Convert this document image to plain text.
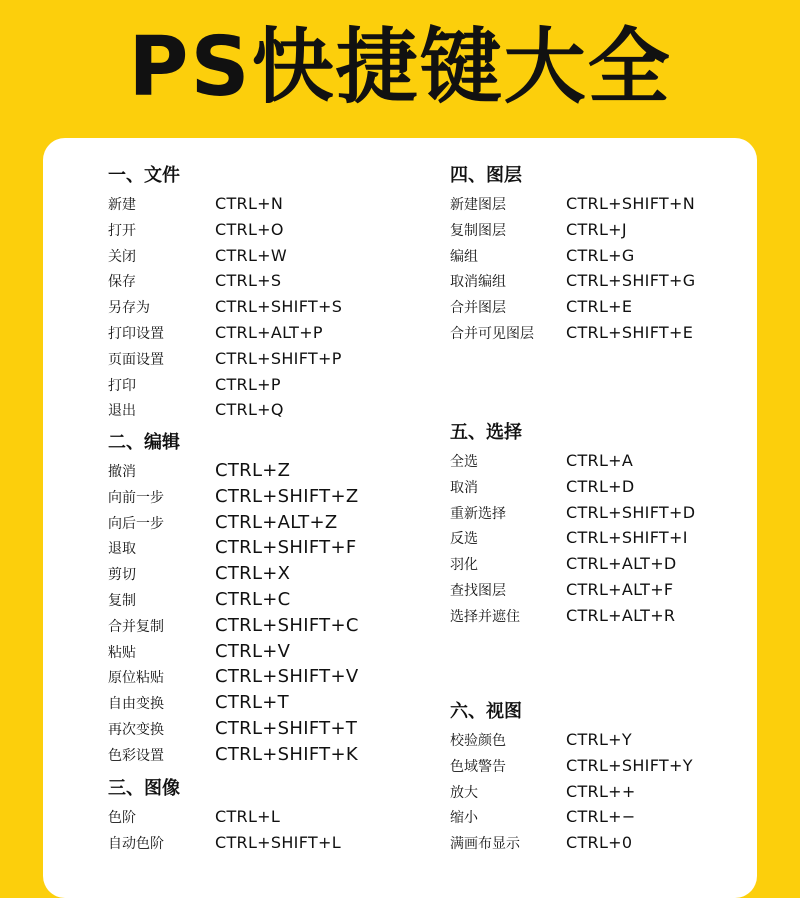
PS快捷键大全
一、文件
新建	CTRL+N
打开	CTRL+O
关闭	CTRL+W
保存	CTRL+S
另存为	CTRL+SHIFT+S
打印设置	CTRL+ALT+P
页面设置	CTRL+SHIFT+P
打印	CTRL+P
退出	CTRL+Q
二、编辑
撤消	CTRL+Z
向前一步	CTRL+SHIFT+Z
向后一步	CTRL+ALT+Z
退取	CTRL+SHIFT+F
剪切	CTRL+X
复制	CTRL+C
合并复制	CTRL+SHIFT+C
粘贴	CTRL+V
原位粘贴	CTRL+SHIFT+V
自由变换	CTRL+T
再次变换	CTRL+SHIFT+T
色彩设置	CTRL+SHIFT+K
三、图像
色阶	CTRL+L
自动色阶	CTRL+SHIFT+L
四、图层
新建图层	CTRL+SHIFT+N
复制图层	CTRL+J
编组	CTRL+G
取消编组	CTRL+SHIFT+G
合并图层	CTRL+E
合并可见图层 CTRL+SHIFT+E
五、选择
全选	CTRL+A
取消	CTRL+D
重新选择	CTRL+SHIFT+D
反选	CTRL+SHIFT+I
羽化	CTRL+ALT+D
查找图层	CTRL+ALT+F
选择并遮住	CTRL+ALT+R
六、视图
校验颜色	CTRL+Y
色域警告	CTRL+SHIFT+Y
放大	CTRL++
缩小	CTRL+−
满画布显示	CTRL+0
